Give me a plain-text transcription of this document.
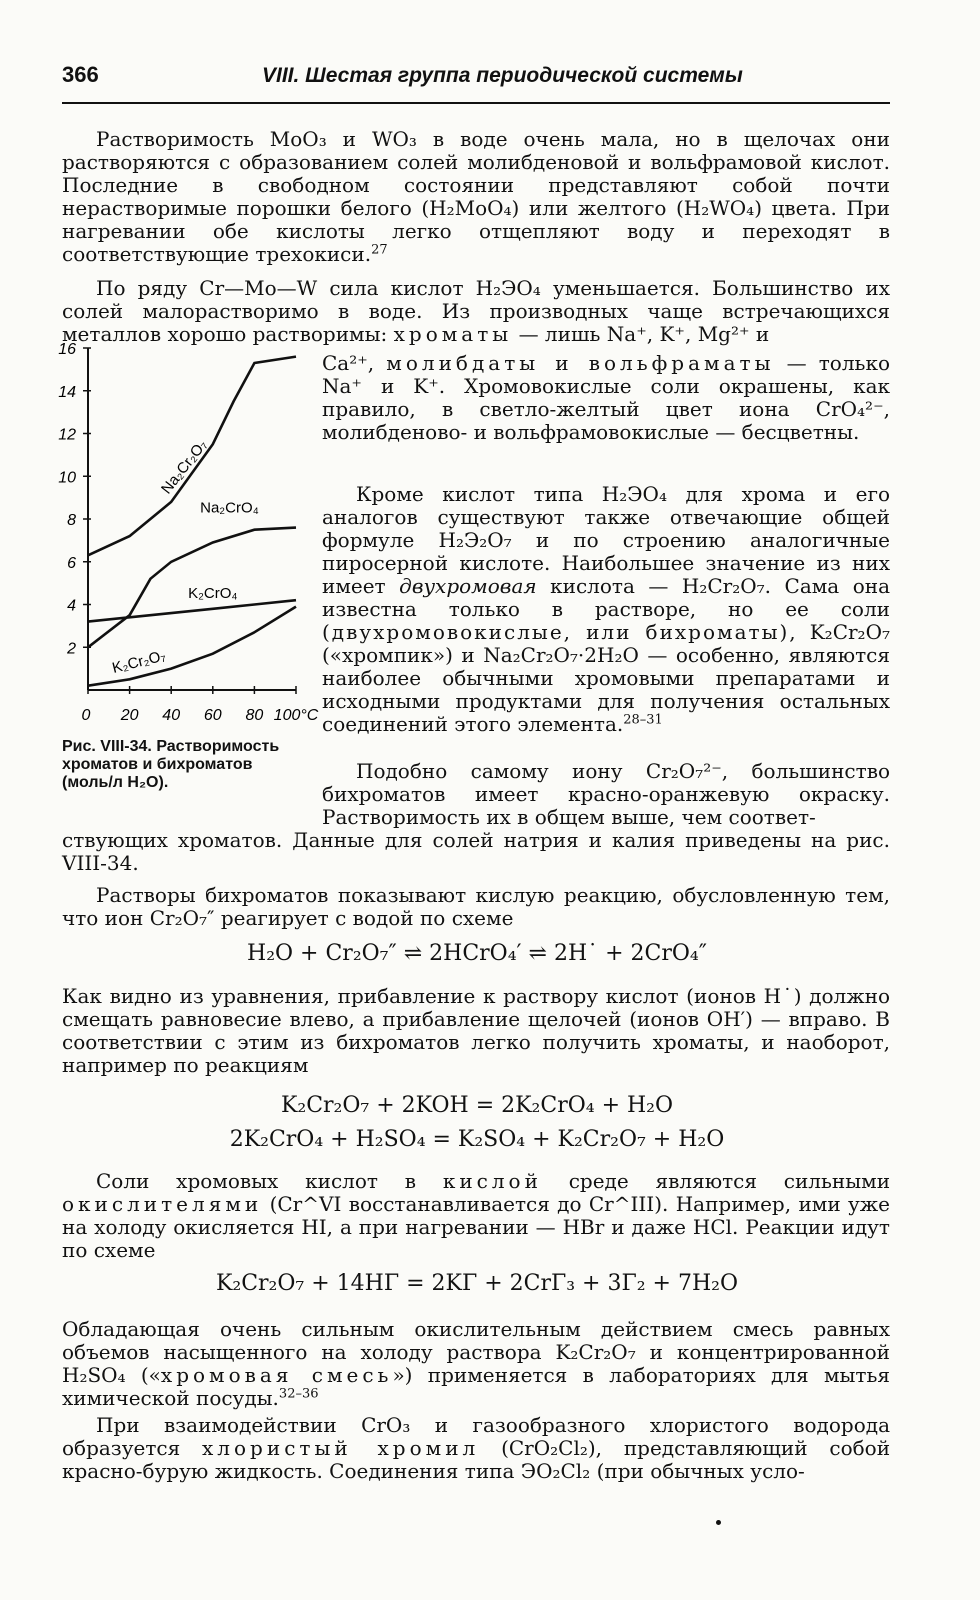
366	VIII. Шестая группа периодической системы

Растворимость MoO₃ и WO₃ в воде очень мала, но в щелочах они растворяются с образованием солей молибденовой и вольфрамовой кислот. Последние в свободном состоянии представляют собой почти нерастворимые порошки белого (H₂MoO₄) или желтого (H₂WO₄) цвета. При нагревании обе кислоты легко отщепляют воду и переходят в соответствующие трехокиси.$^{27}$

По ряду Cr—Mo—W сила кислот H₂ЭO₄ уменьшается. Большинство их солей малорастворимо в воде. Из производных чаще встречающихся металлов хорошо растворимы: хроматы — лишь Na⁺, K⁺, Mg²⁺ и

Ca²⁺, молибдаты и вольфраматы — только Na⁺ и K⁺. Хромовокислые соли окрашены, как правило, в светло-желтый цвет иона CrO₄²⁻, молибденово- и вольфрамовокислые — бесцветны.

Кроме кислот типа H₂ЭO₄ для хрома и его аналогов существуют также отвечающие общей формуле H₂Э₂O₇ и по строению аналогичные пиросерной кислоте. Наибольшее значение из них имеет двухромовая кислота — H₂Cr₂O₇. Сама она известна только в растворе, но ее соли (двухромовокислые, или бихроматы), K₂Cr₂O₇ («хромпик») и Na₂Cr₂O₇·2H₂O — особенно, являются наиболее обычными хромовыми препаратами и исходными продуктами для получения остальных соединений этого элемента.$^{28-31}$

Подобно самому иону Cr₂O₇²⁻, большинство бихроматов имеет красно-оранжевую окраску. Растворимость их в общем выше, чем соответ-

ствующих хроматов. Данные для солей натрия и калия приведены на рис. VIII-34.

Растворы бихроматов показывают кислую реакцию, обусловленную тем, что ион Cr₂O₇″ реагирует с водой по схеме

H₂O + Cr₂O₇″ ⇌ 2HCrO₄′ ⇌ 2H˙ + 2CrO₄″

Как видно из уравнения, прибавление к раствору кислот (ионов H˙) должно смещать равновесие влево, а прибавление щелочей (ионов OH′) — вправо. В соответствии с этим из бихроматов легко получить хроматы, и наоборот, например по реакциям

K₂Cr₂O₇ + 2KOH = 2K₂CrO₄ + H₂O

2K₂CrO₄ + H₂SO₄ = K₂SO₄ + K₂Cr₂O₇ + H₂O

Соли хромовых кислот в кислой среде являются сильными окислителями (Cr^VI восстанавливается до Cr^III). Например, ими уже на холоду окисляется HI, а при нагревании — HBr и даже HCl. Реакции идут по схеме

K₂Cr₂O₇ + 14HΓ = 2KΓ + 2CrΓ₃ + 3Γ₂ + 7H₂O

Обладающая очень сильным окислительным действием смесь равных объемов насыщенного на холоду раствора K₂Cr₂O₇ и концентрированной H₂SO₄ («хромовая смесь») применяется в лабораториях для мытья химической посуды.$^{32-36}$

При взаимодействии CrO₃ и газообразного хлористого водорода образуется хлористый хромил (CrO₂Cl₂), представляющий собой красно-бурую жидкость. Соединения типа ЭO₂Cl₂ (при обычных усло-

2
4
6
8
10
12
14
16
0 20 40 60 80 100°C
Na₂Cr₂O₇
Na₂CrO₄
K₂CrO₄
K₂Cr₂O₇
Рис. VIII-34. Растворимость хроматов и бихроматов (моль/л H₂O).
